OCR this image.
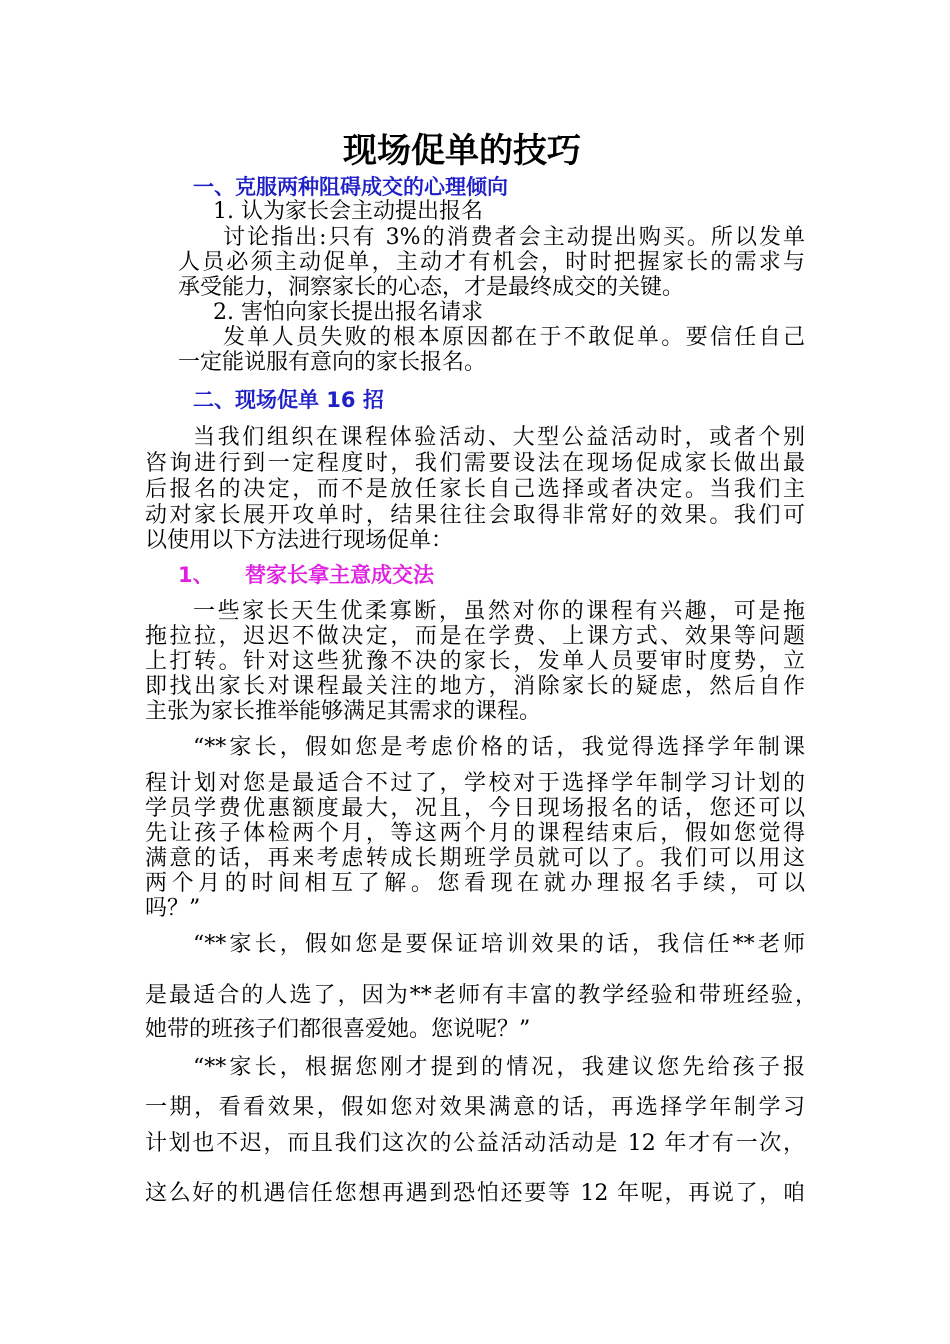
现场促单的技巧
一、克服两种阻碍成交的心理倾向
1. 认为家长会主动提出报名
讨论指出:只有 3%的消费者会主动提出购买。所以发单
人员必须主动促单，主动才有机会，时时把握家长的需求与
承受能力，洞察家长的心态，才是最终成交的关键。
2. 害怕向家长提出报名请求
发单人员失败的根本原因都在于不敢促单。要信任自己
一定能说服有意向的家长报名。
二、现场促单 16 招
当我们组织在课程体验活动、大型公益活动时，或者个别
咨询进行到一定程度时，我们需要设法在现场促成家长做出最
后报名的决定，而不是放任家长自己选择或者决定。当我们主
动对家长展开攻单时，结果往往会取得非常好的效果。我们可
以使用以下方法进行现场促单：
1、 替家长拿主意成交法
一些家长天生优柔寡断，虽然对你的课程有兴趣，可是拖
拖拉拉，迟迟不做决定，而是在学费、上课方式、效果等问题
上打转。针对这些犹豫不决的家长，发单人员要审时度势，立
即找出家长对课程最关注的地方，消除家长的疑虑，然后自作
主张为家长推举能够满足其需求的课程。
“**家长，假如您是考虑价格的话，我觉得选择学年制课
程计划对您是最适合不过了，学校对于选择学年制学习计划的
学员学费优惠额度最大，况且，今日现场报名的话，您还可以
先让孩子体检两个月，等这两个月的课程结束后，假如您觉得
满意的话，再来考虑转成长期班学员就可以了。我们可以用这
两个月的时间相互了解。您看现在就办理报名手续，可以
吗？”
“**家长，假如您是要保证培训效果的话，我信任**老师
是最适合的人选了，因为**老师有丰富的教学经验和带班经验，
她带的班孩子们都很喜爱她。您说呢？”
“**家长，根据您刚才提到的情况，我建议您先给孩子报
一期，看看效果，假如您对效果满意的话，再选择学年制学习
计划也不迟，而且我们这次的公益活动活动是 12 年才有一次，
这么好的机遇信任您想再遇到恐怕还要等 12 年呢，再说了，咱
